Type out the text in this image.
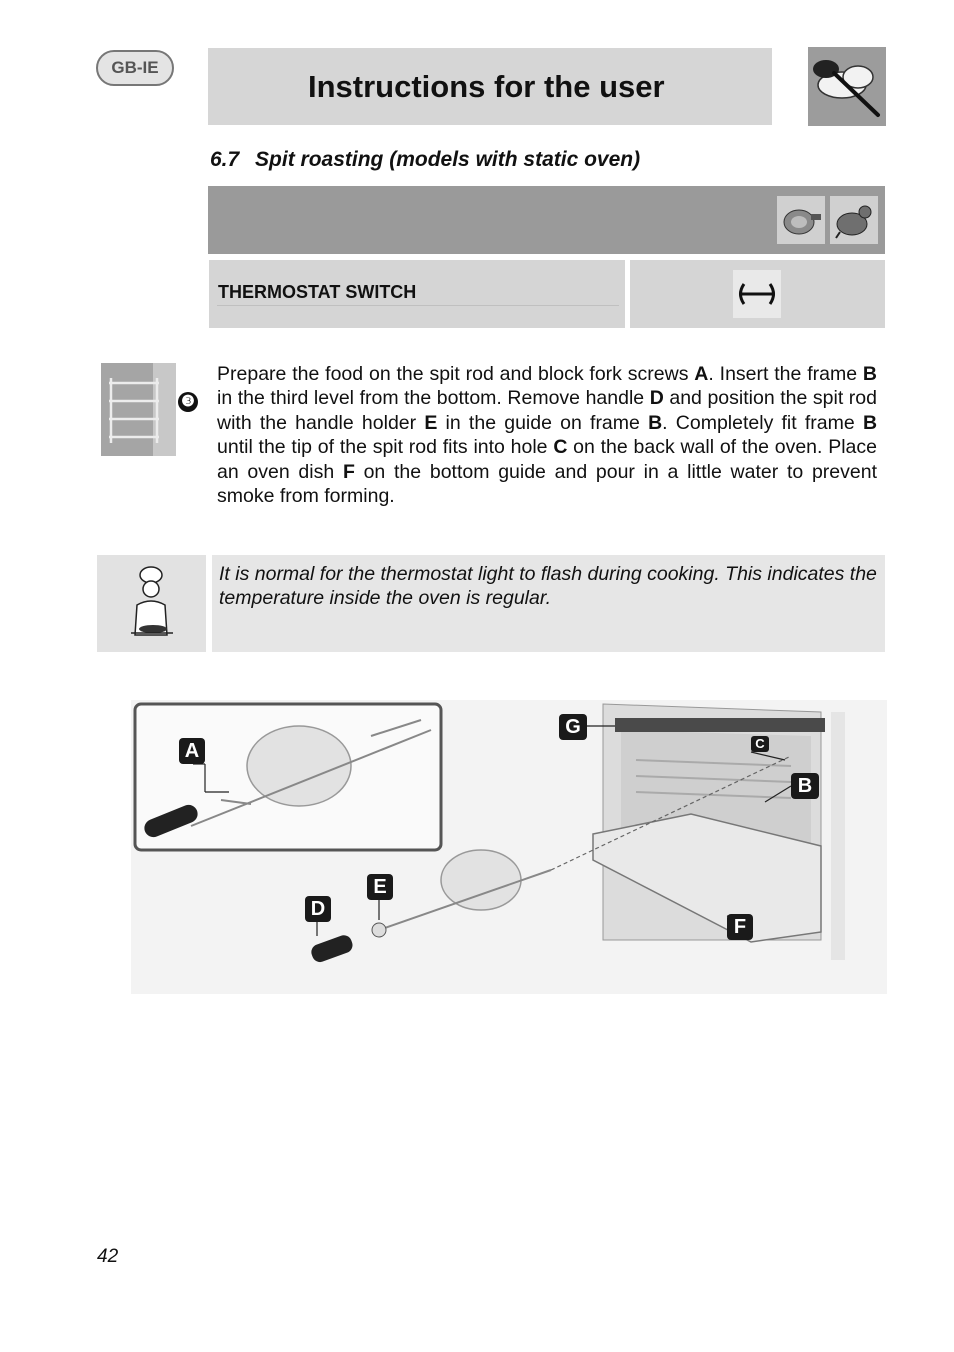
GB-IE
Instructions for the user
6.7 Spit roasting (models with static oven)
THERMOSTAT SWITCH
❸
Prepare the food on the spit rod and block fork screws A. Insert the frame B in the third level from the bottom. Remove handle D and position the spit rod with the handle holder E in the guide on frame B. Completely fit frame B until the tip of the spit rod fits into hole C on the back wall of the oven. Place an oven dish F on the bottom guide and pour in a little water to prevent smoke from forming.
It is normal for the thermostat light to flash during cooking. This indicates the temperature inside the oven is regular.
A
G
C
B
E
D
F
42
